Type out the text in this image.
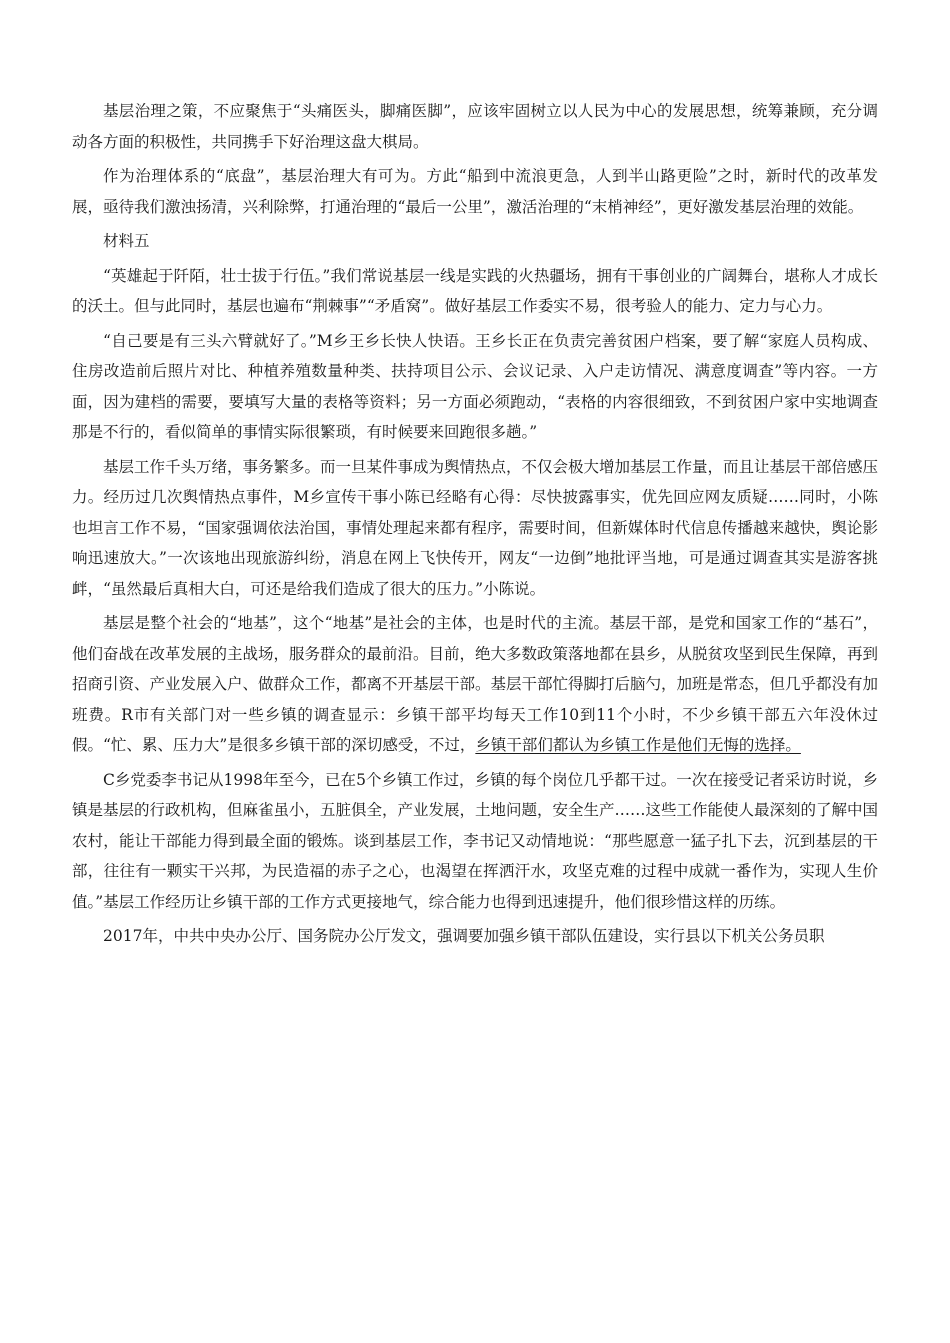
基层治理之策，不应聚焦于“头痛医头，脚痛医脚”，应该牢固树立以人民为中心的发展思想，统筹兼顾，充分调动各方面的积极性，共同携手下好治理这盘大棋局。

作为治理体系的“底盘”，基层治理大有可为。方此“船到中流浪更急，人到半山路更险”之时，新时代的改革发展，亟待我们激浊扬清，兴利除弊，打通治理的“最后一公里”，激活治理的“末梢神经”，更好激发基层治理的效能。

材料五

“英雄起于阡陌，壮士拔于行伍。”我们常说基层一线是实践的火热疆场，拥有干事创业的广阔舞台，堪称人才成长的沃土。但与此同时，基层也遍布“荆棘事”“矛盾窝”。做好基层工作委实不易，很考验人的能力、定力与心力。

“自己要是有三头六臂就好了。”M乡王乡长快人快语。王乡长正在负责完善贫困户档案，要了解“家庭人员构成、住房改造前后照片对比、种植养殖数量种类、扶持项目公示、会议记录、入户走访情况、满意度调查”等内容。一方面，因为建档的需要，要填写大量的表格等资料；另一方面必须跑动，“表格的内容很细致，不到贫困户家中实地调查那是不行的，看似简单的事情实际很繁琐，有时候要来回跑很多趟。”

基层工作千头万绪，事务繁多。而一旦某件事成为舆情热点，不仅会极大增加基层工作量，而且让基层干部倍感压力。经历过几次舆情热点事件，M乡宣传干事小陈已经略有心得：尽快披露事实，优先回应网友质疑……同时，小陈也坦言工作不易，“国家强调依法治国，事情处理起来都有程序，需要时间，但新媒体时代信息传播越来越快，舆论影响迅速放大。”一次该地出现旅游纠纷，消息在网上飞快传开，网友“一边倒”地批评当地，可是通过调查其实是游客挑衅，“虽然最后真相大白，可还是给我们造成了很大的压力。”小陈说。

基层是整个社会的“地基”，这个“地基”是社会的主体，也是时代的主流。基层干部，是党和国家工作的“基石”，他们奋战在改革发展的主战场，服务群众的最前沿。目前，绝大多数政策落地都在县乡，从脱贫攻坚到民生保障，再到招商引资、产业发展入户、做群众工作，都离不开基层干部。基层干部忙得脚打后脑勺，加班是常态，但几乎都没有加班费。R市有关部门对一些乡镇的调查显示：乡镇干部平均每天工作10到11个小时，不少乡镇干部五六年没休过假。“忙、累、压力大”是很多乡镇干部的深切感受，不过，乡镇干部们都认为乡镇工作是他们无悔的选择。

C乡党委李书记从1998年至今，已在5个乡镇工作过，乡镇的每个岗位几乎都干过。一次在接受记者采访时说，乡镇是基层的行政机构，但麻雀虽小，五脏俱全，产业发展，土地问题，安全生产……这些工作能使人最深刻的了解中国农村，能让干部能力得到最全面的锻炼。谈到基层工作，李书记又动情地说：“那些愿意一猛子扎下去，沉到基层的干部，往往有一颗实干兴邦，为民造福的赤子之心，也渴望在挥洒汗水，攻坚克难的过程中成就一番作为，实现人生价值。”基层工作经历让乡镇干部的工作方式更接地气，综合能力也得到迅速提升，他们很珍惜这样的历练。

2017年，中共中央办公厅、国务院办公厅发文，强调要加强乡镇干部队伍建设，实行县以下机关公务员职
